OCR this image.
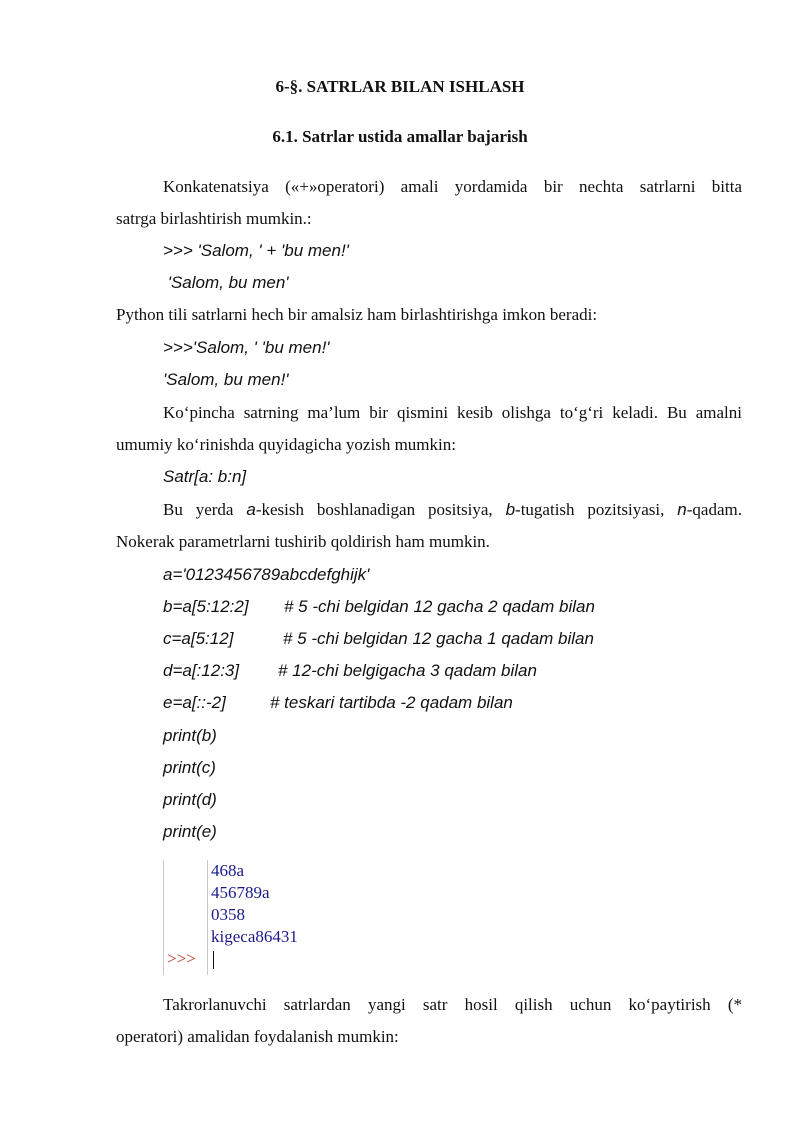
6-§. SATRLAR BILAN ISHLASH
6.1. Satrlar ustida amallar bajarish
Konkatenatsiya («+»operatori) amali yordamida bir nechta satrlarni bitta
satrga birlashtirish mumkin.:
>>> 'Salom, ' + 'bu men!'
'Salom, bu men'
Python tili satrlarni hech bir amalsiz ham birlashtirishga imkon beradi:
>>>'Salom, ' 'bu men!'
'Salom, bu men!'
Ko‘pincha satrning ma’lum bir qismini kesib olishga to‘g‘ri keladi. Bu amalni
umumiy ko‘rinishda quyidagicha yozish mumkin:
Satr[a: b:n]
Bu yerda a-kesish boshlanadigan positsiya, b-tugatish pozitsiyasi, n-qadam.
Nokerak parametrlarni tushirib qoldirish ham mumkin.
a='0123456789abcdefghijk'
b=a[5:12:2] # 5 -chi belgidan 12 gacha 2 qadam bilan
c=a[5:12]	# 5 -chi belgidan 12 gacha 1 qadam bilan
d=a[:12:3] # 12-chi belgigacha 3 qadam bilan
e=a[::-2]	# teskari tartibda -2 qadam bilan
print(b)
print(c)
print(d)
print(e)
468a
456789a
0358
kigeca86431
>>>
Takrorlanuvchi satrlardan yangi satr hosil qilish uchun ko‘paytirish (*
operatori) amalidan foydalanish mumkin:
